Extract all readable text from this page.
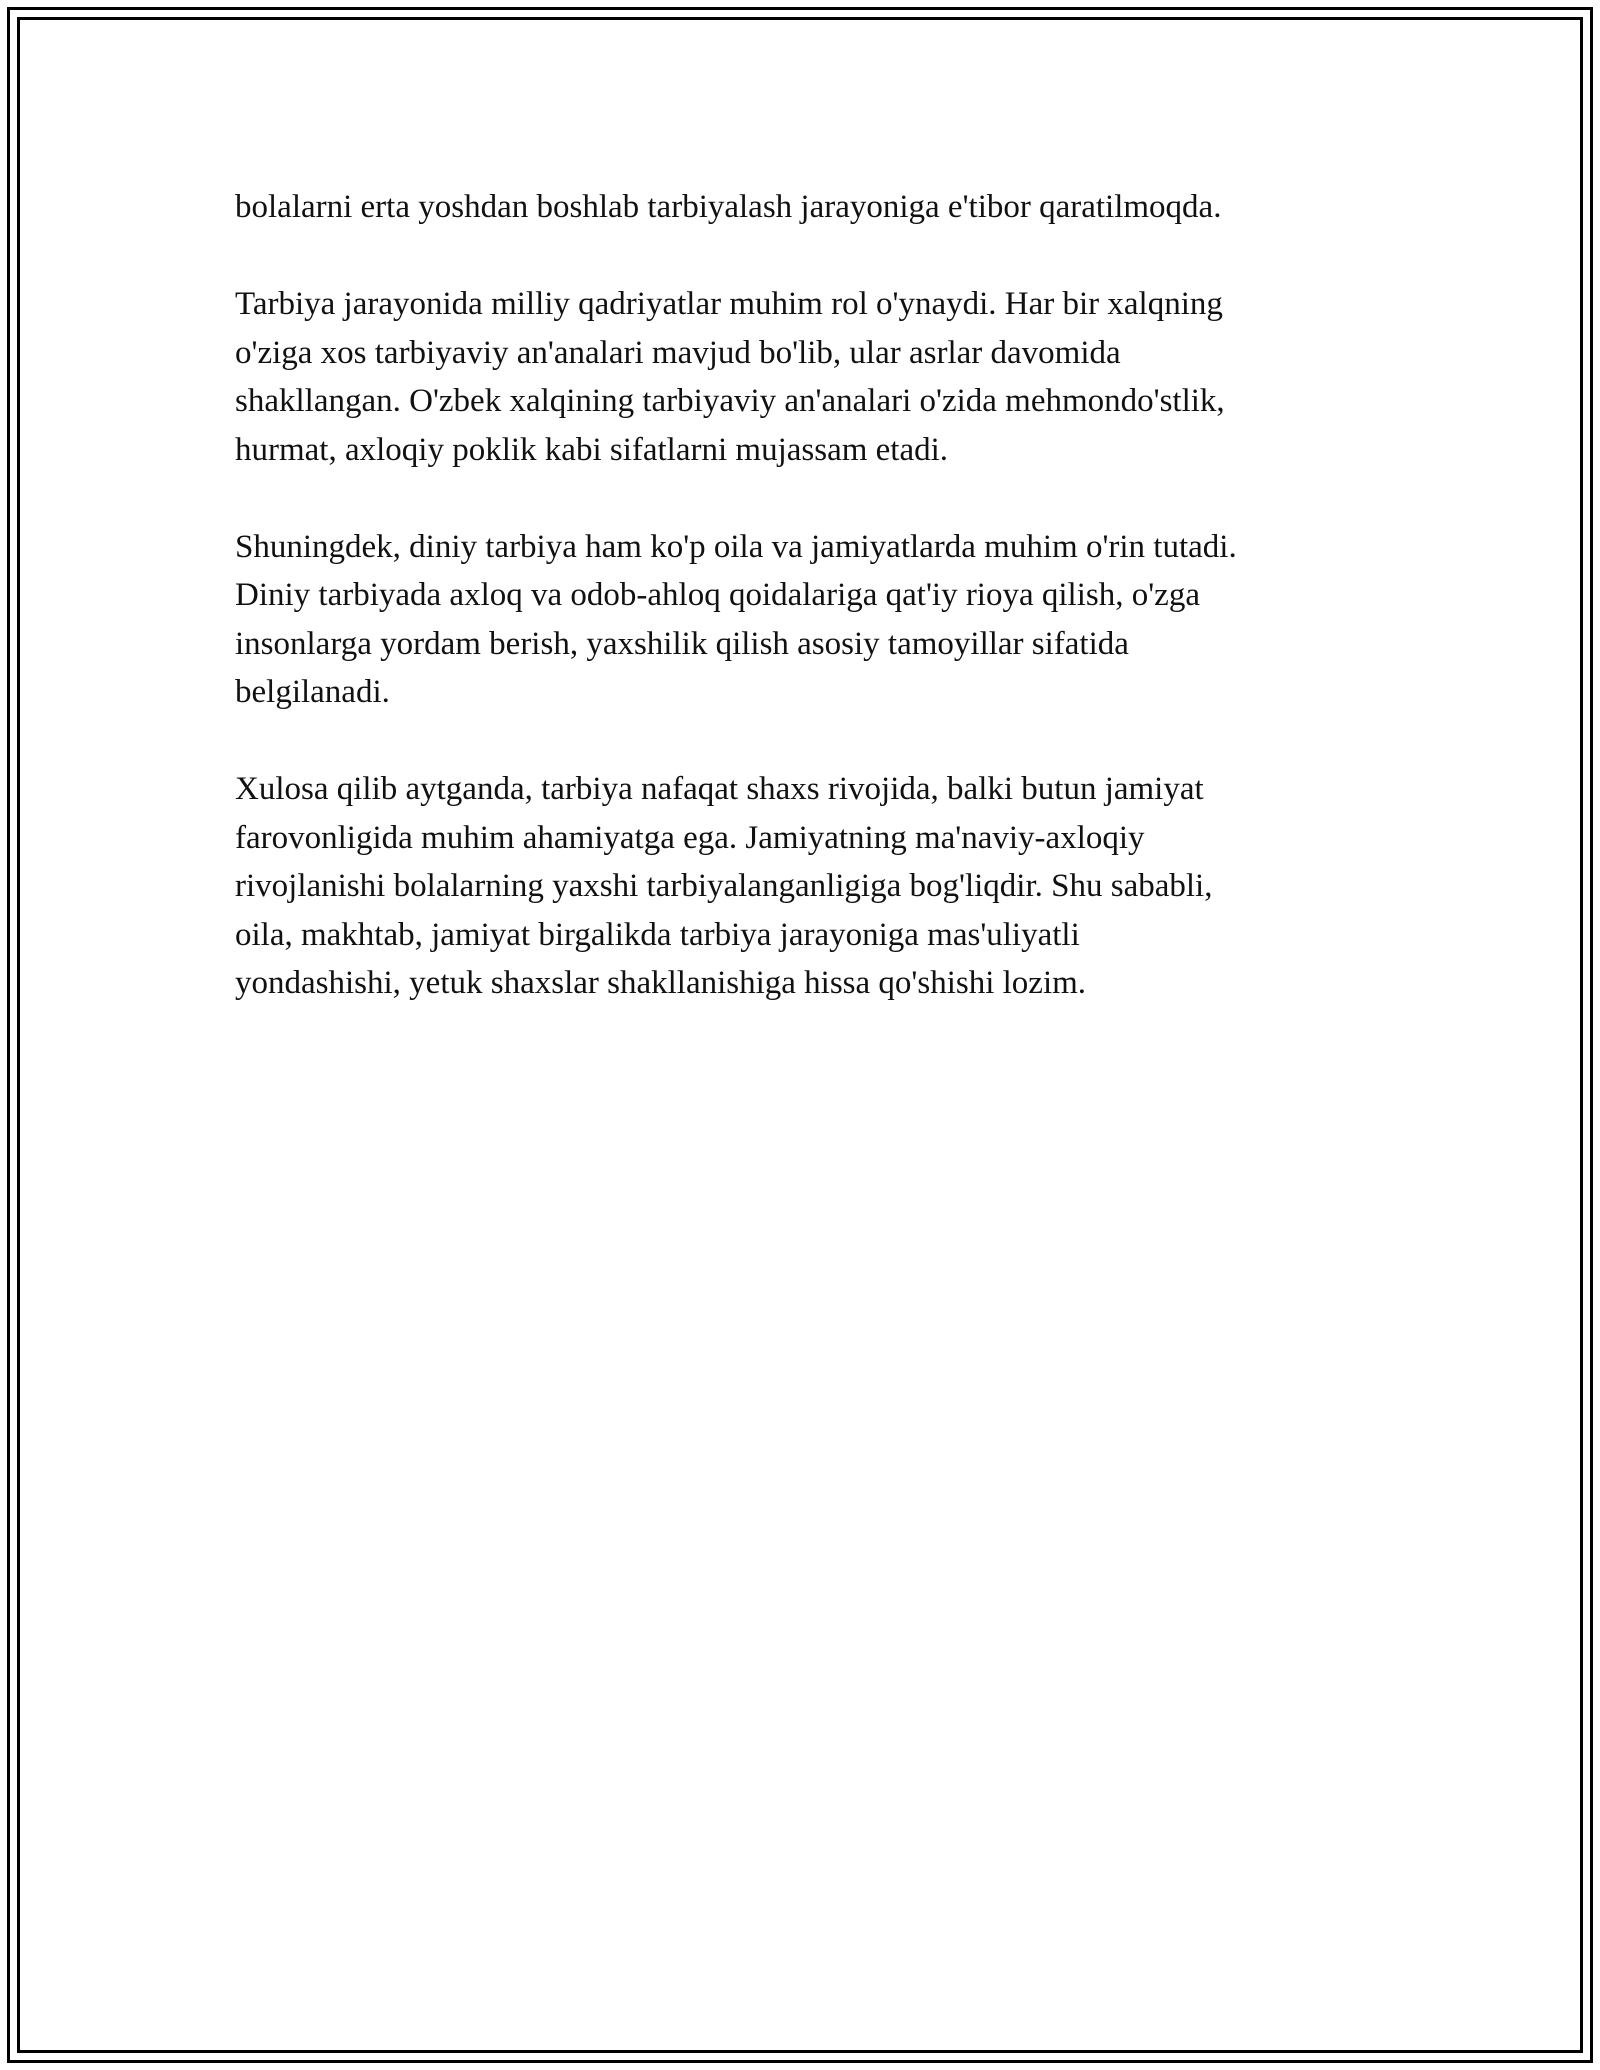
bolalarni erta yoshdan boshlab tarbiyalash jarayoniga e'tibor qaratilmoqda.

Tarbiya jarayonida milliy qadriyatlar muhim rol o'ynaydi. Har bir xalqning
o'ziga xos tarbiyaviy an'analari mavjud bo'lib, ular asrlar davomida
shakllangan. O'zbek xalqining tarbiyaviy an'analari o'zida mehmondo'stlik,
hurmat, axloqiy poklik kabi sifatlarni mujassam etadi.

Shuningdek, diniy tarbiya ham ko'p oila va jamiyatlarda muhim o'rin tutadi.
Diniy tarbiyada axloq va odob-ahloq qoidalariga qat'iy rioya qilish, o'zga
insonlarga yordam berish, yaxshilik qilish asosiy tamoyillar sifatida
belgilanadi.

Xulosa qilib aytganda, tarbiya nafaqat shaxs rivojida, balki butun jamiyat
farovonligida muhim ahamiyatga ega. Jamiyatning ma'naviy-axloqiy
rivojlanishi bolalarning yaxshi tarbiyalanganligiga bog'liqdir. Shu sababli,
oila, makhtab, jamiyat birgalikda tarbiya jarayoniga mas'uliyatli
yondashishi, yetuk shaxslar shakllanishiga hissa qo'shishi lozim.
